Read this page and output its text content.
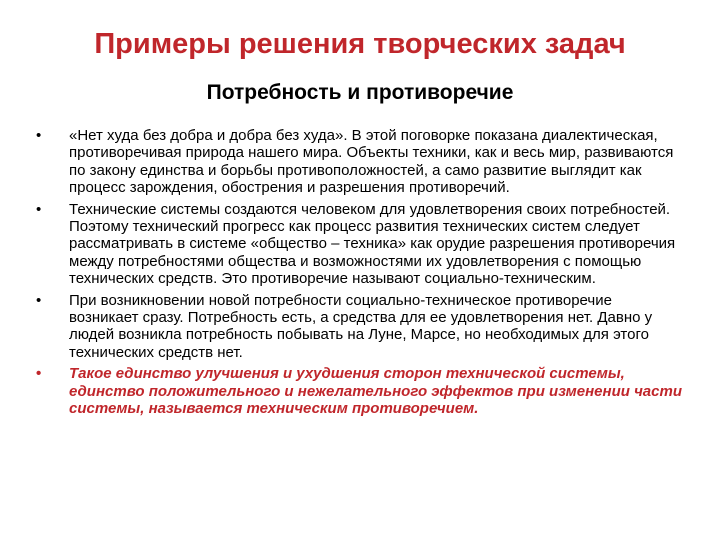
Примеры решения творческих задач
Потребность и противоречие
• «Нет худа без добра и добра без худа». В этой поговорке показана диалектическая, противоречивая природа нашего мира. Объекты техники, как и весь мир, развиваются по закону единства и борьбы противоположностей, а само развитие выглядит как процесс зарождения, обострения и разрешения противоречий.
• Технические системы создаются человеком для удовлетворения своих потребностей. Поэтому технический прогресс как процесс развития технических систем следует рассматривать в системе «общество – техника» как орудие разрешения противоречия между потребностями общества и возможностями их удовлетворения с помощью технических средств. Это противоречие называют социально-техническим.
• При возникновении новой потребности социально-техническое противоречие возникает сразу. Потребность есть, а средства для ее удовлетворения нет. Давно у людей возникла потребность побывать на Луне, Марсе, но необходимых для этого технических средств нет.
• Такое единство улучшения и ухудшения сторон технической системы, единство положительного и нежелательного эффектов при изменении части системы, называется техническим противоречием.
